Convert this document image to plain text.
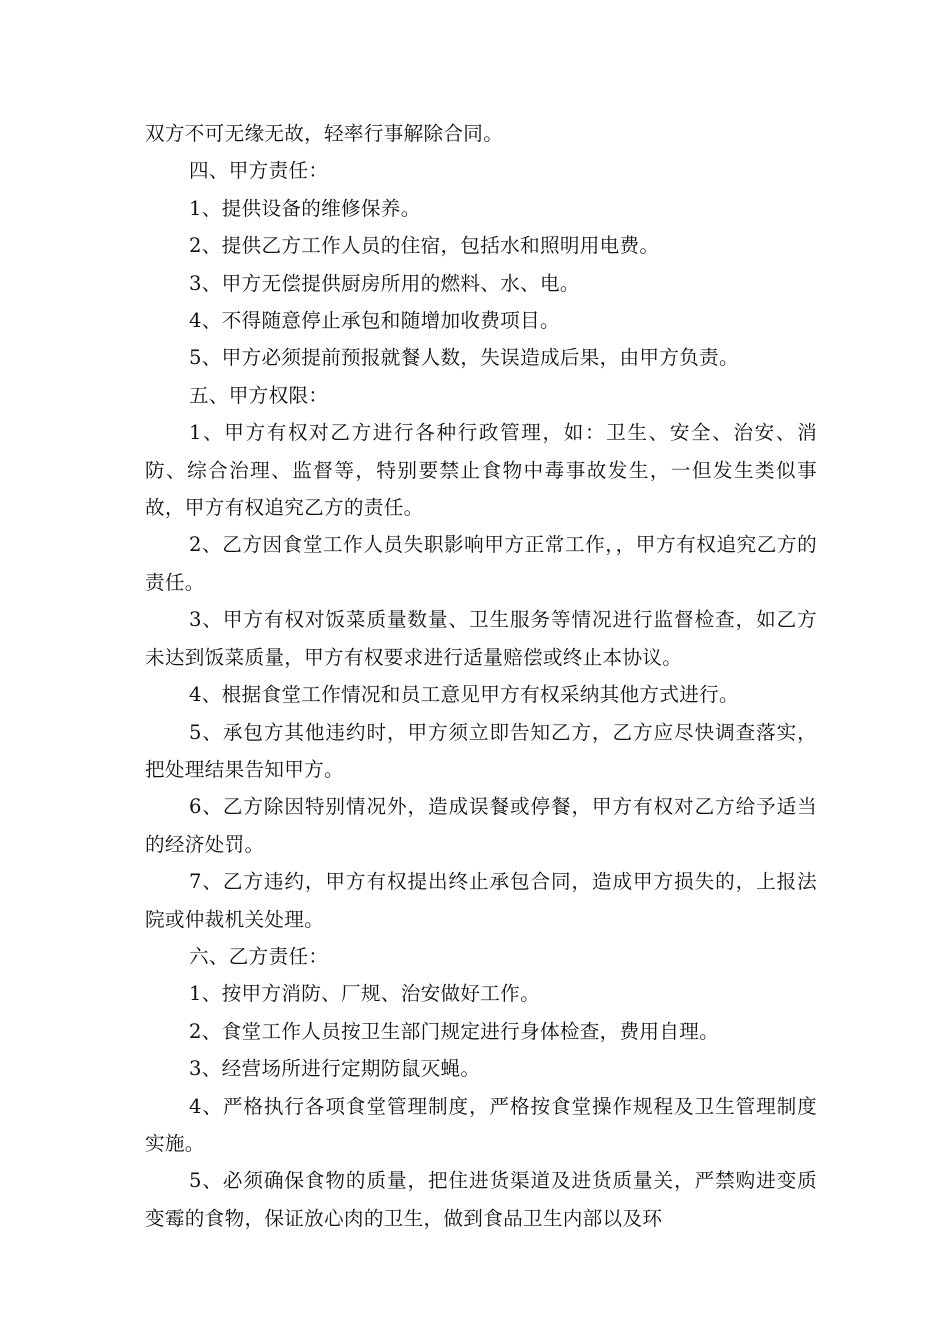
双方不可无缘无故，轻率行事解除合同。

四、甲方责任：

1、提供设备的维修保养。

2、提供乙方工作人员的住宿，包括水和照明用电费。

3、甲方无偿提供厨房所用的燃料、水、电。

4、不得随意停止承包和随增加收费项目。

5、甲方必须提前预报就餐人数，失误造成后果，由甲方负责。

五、甲方权限：

1、甲方有权对乙方进行各种行政管理，如：卫生、安全、治安、消防、综合治理、监督等，特别要禁止食物中毒事故发生，一但发生类似事故，甲方有权追究乙方的责任。

2、乙方因食堂工作人员失职影响甲方正常工作，，甲方有权追究乙方的责任。

3、甲方有权对饭菜质量数量、卫生服务等情况进行监督检查，如乙方未达到饭菜质量，甲方有权要求进行适量赔偿或终止本协议。

4、根据食堂工作情况和员工意见甲方有权采纳其他方式进行。

5、承包方其他违约时，甲方须立即告知乙方，乙方应尽快调查落实，把处理结果告知甲方。

6、乙方除因特别情况外，造成误餐或停餐，甲方有权对乙方给予适当的经济处罚。

7、乙方违约，甲方有权提出终止承包合同，造成甲方损失的，上报法院或仲裁机关处理。

六、乙方责任：

1、按甲方消防、厂规、治安做好工作。

2、食堂工作人员按卫生部门规定进行身体检查，费用自理。

3、经营场所进行定期防鼠灭蝇。

4、严格执行各项食堂管理制度，严格按食堂操作规程及卫生管理制度实施。

5、必须确保食物的质量，把住进货渠道及进货质量关，严禁购进变质变霉的食物，保证放心肉的卫生，做到食品卫生内部以及环
